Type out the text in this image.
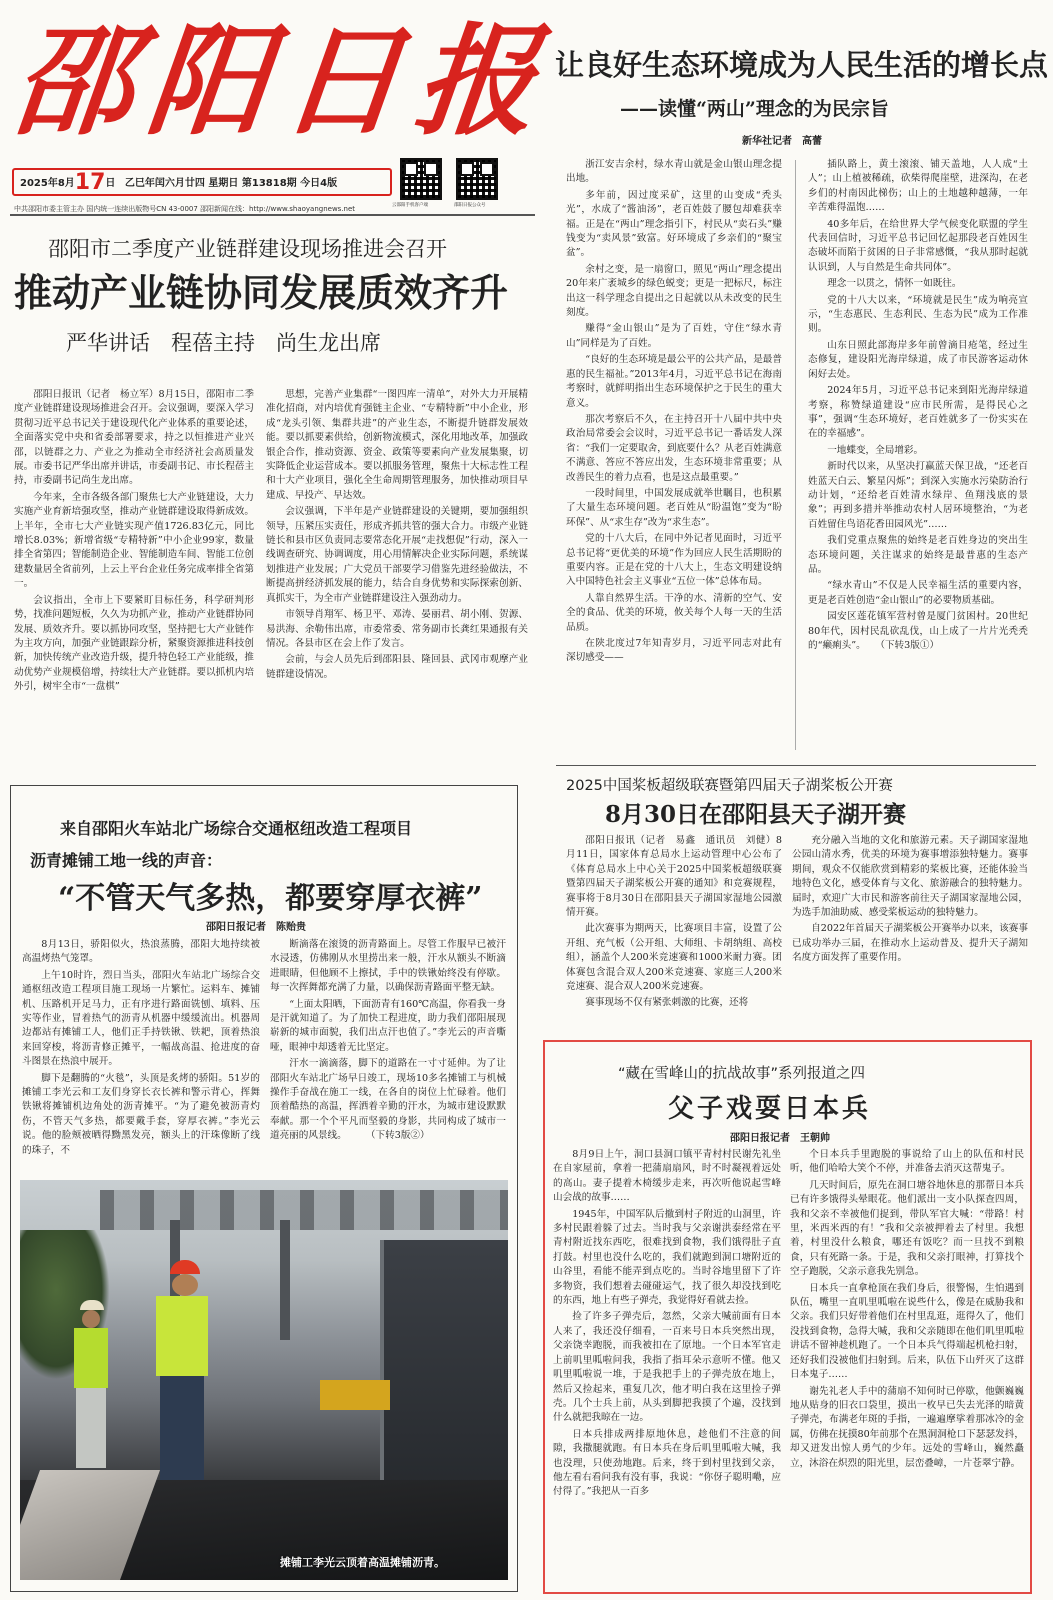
邵阳日报
2025年8月17日 乙巳年闰六月廿四 星期日 第13818期 今日4版
云邵阳手机客户端	邵阳日报公众号
中共邵阳市委主管主办 国内统一连续出版物号CN 43-0007 邵阳新闻在线：http://www.shaoyangnews.net
让良好生态环境成为人民生活的增长点
——读懂“两山”理念的为民宗旨
新华社记者　高蕾

浙江安吉余村，绿水青山就是金山银山理念提出地。

多年前，因过度采矿，这里的山变成“秃头光”，水成了“酱油汤”，老百姓鼓了腰包却难获幸福。正是在“两山”理念指引下，村民从“卖石头”赚钱变为“卖风景”致富。好环境成了乡亲们的“聚宝盆”。

余村之变，是一扇窗口，照见“两山”理念提出20年来广袤城乡的绿色蜕变；更是一把标尺，标注出这一科学理念自提出之日起就以从未改变的民生刻度。

赚得“金山银山”是为了百姓，守住“绿水青山”同样是为了百姓。

“良好的生态环境是最公平的公共产品，是最普惠的民生福祉。”2013年4月，习近平总书记在海南考察时，就鲜明指出生态环境保护之于民生的重大意义。

那次考察后不久，在主持召开十八届中共中央政治局常委会会议时，习近平总书记一番话发人深省：“我们一定要取舍，到底要什么？从老百姓满意不满意、答应不答应出发，生态环境非常重要；从改善民生的着力点看，也是这点最重要。”

一段时间里，中国发展成就举世瞩目，也积累了大量生态环境问题。老百姓从“盼温饱”变为“盼环保”、从“求生存”改为“求生态”。

党的十八大后，在同中外记者见面时，习近平总书记将“更优美的环境”作为回应人民生活期盼的重要内容。正是在党的十八大上，生态文明建设纳入中国特色社会主义事业“五位一体”总体布局。

人靠自然界生活。干净的水、清新的空气、安全的食品、优美的环境，攸关每个人每一天的生活品质。

在陕北度过7年知青岁月，习近平同志对此有深切感受——

插队路上，黄土滚滚、铺天盖地，人人成“土人”；山上植被稀疏，砍柴得爬崖壁，进深沟，在老乡们的村南因此梯伤；山上的土地越种越薄，一年辛苦难得温饱……

40多年后，在给世界大学气候变化联盟的学生代表回信时，习近平总书记回忆起那段老百姓因生态破坏而陷于贫困的日子非常感慨，“我从那时起就认识到，人与自然是生命共同体”。

理念一以贯之，情怀一如既往。

党的十八大以来，“环境就是民生”成为响亮宣示，“生态惠民、生态利民、生态为民”成为工作准则。

山东日照此部海岸多年前曾滴目疮笔，经过生态修复，建设阳光海岸绿道，成了市民游客运动休闲好去处。

2024年5月，习近平总书记来到阳光海岸绿道考察，称赞绿道建设“应市民所需，是得民心之事”，强调“生态环境好，老百姓就多了一份实实在在的幸福感”。

一地蝶变，全局增彩。

新时代以来，从坚决打赢蓝天保卫战，“还老百姓蓝天白云、繁星闪烁”；到深入实施水污染防治行动计划，“还给老百姓清水绿岸、鱼翔浅底的景象”；再到多措并举推动农村人居环境整治，“为老百姓留住鸟语花香田园风光”……

我们党重点聚焦的始终是老百姓身边的突出生态环境问题，关注谋求的始终是最普惠的生态产品。

“绿水青山”不仅是人民幸福生活的重要内容，更是老百姓创造“金山银山”的必要物质基础。

园安区莲花镇军营村曾是厦门贫困村。20世纪80年代，因村民乱砍乱伐，山上成了一片片光秃秃的“癞痢头”。　　（下转3版①）

邵阳市二季度产业链群建设现场推进会召开
推动产业链协同发展质效齐升
严华讲话　程蓓主持　尚生龙出席

邵阳日报讯（记者　杨立军）8月15日，邵阳市二季度产业链群建设现场推进会召开。会议强调，要深入学习贯彻习近平总书记关于建设现代化产业体系的重要论述，全面落实党中央和省委部署要求，持之以恒推进产业兴邵，以链群之力、产业之为推动全市经济社会高质量发展。市委书记严华出席并讲话，市委副书记、市长程蓓主持，市委副书记尚生龙出席。

今年来，全市各级各部门聚焦七大产业链建设，大力实施产业育新培强攻坚，推动产业链群建设取得新成效。上半年，全市七大产业链实现产值1726.83亿元，同比增长8.03%；新增省级“专精特新”中小企业99家，数量排全省第四；智能制造企业、智能制造车间、智能工位创建数量居全省前列，上云上平台企业任务完成率排全省第一。

会议指出，全市上下要紧盯目标任务，科学研判形势，找准问题短板，久久为功抓产业，推动产业链群协同发展、质效齐升。要以抓协同攻坚，坚持把七大产业链作为主攻方向，加强产业链跟踪分析，紧聚资源推进科技创新，加快传统产业改造升级，提升特色轻工产业能级，推动优势产业规模倍增，持续壮大产业链群。要以抓机内培外引，树牢全市“一盘棋”

思想，完善产业集群“一图四库一清单”，对外大力开展精准化招商，对内培优育强链主企业、“专精特新”中小企业，形成“龙头引领、集群共进”的产业生态，不断提升链群发展效能。要以抓要素供给，创新物流模式，深化用地改革，加强政银企合作，推动资源、资金、政策等要素向产业发展集聚，切实降低企业运营成本。要以抓服务管理，聚焦十大标志性工程和十大产业项目，强化全生命周期管理服务，加快推动项目早建成、早投产、早达效。

会议强调，下半年是产业链群建设的关键期，要加强组织领导，压紧压实责任，形成齐抓共管的强大合力。市级产业链链长和县市区负责同志要常态化开展“走找想促”行动，深入一线调查研究、协调调度，用心用情解决企业实际问题，系统谋划推进产业发展；广大党员干部要学习借鉴先进经验做法，不断提高拼经济抓发展的能力，结合自身优势和实际探索创新、真抓实干，为全市产业链群建设注入强劲动力。

市领导肖翔军、杨卫平、邓涛、晏丽君、胡小刚、贺源、易洪海、余勒伟出席，市委常委、常务副市长龚红果通报有关情况。各县市区在会上作了发言。

会前，与会人员先后到邵阳县、隆回县、武冈市观摩产业链群建设情况。

来自邵阳火车站北广场综合交通枢纽改造工程项目
沥青摊铺工地一线的声音：
“不管天气多热，都要穿厚衣裤”
邵阳日报记者　陈贻贵

8月13日，骄阳似火，热浪蒸腾，邵阳大地持续被高温烤热气笼罩。

上午10时许，烈日当头，邵阳火车站北广场综合交通枢纽改造工程项目施工现场一片繁忙。运料车、摊铺机、压路机开足马力，正有序进行路面铣刨、填料、压实等作业，冒着热气的沥青从机器中缓缓流出。机器周边都站有摊铺工人，他们正手持铁锹、铁耙，顶着热浪来回穿梭，将沥青修正摊平，一幅战高温、抢进度的奋斗图景在热浪中展开。

脚下是翻腾的“火毯”，头顶是炙烤的骄阳。51岁的摊铺工李光云和工友们身穿长衣长裤和警示背心，挥舞铁锹将摊铺机边角处的沥青摊平。“为了避免被沥青灼伤，不管天气多热，都要戴手套，穿厚衣裤。”李光云说。他的脸颊被晒得黝黑发亮，额头上的汗珠像断了线的珠子，不

断滴落在滚烫的沥青路面上。尽管工作服早已被汗水浸透，仿佛刚从水里捞出来一般，汗水从额头不断滴进眼睛，但他顾不上擦拭，手中的铁锹始终没有停歇。每一次挥舞都充满了力量，以确保沥青路面平整无缺。

“上面太阳晒，下面沥青有160℃高温，你看我一身是汗就知道了。为了加快工程进度，助力我们邵阳展现崭新的城市面貌，我们出点汗也值了。”李光云的声音嘶哑，眼神中却透着无比坚定。

汗水一滴滴落，脚下的道路在一寸寸延伸。为了让邵阳火车站北广场早日竣工，现场10多名摊铺工与机械操作手奋战在施工一线，在各自的岗位上忙碌着。他们顶着酷热的高温，挥洒着辛勤的汗水，为城市建设默默奉献。那一个个平凡而坚毅的身影，共同构成了城市一道亮丽的风景线。　　　（下转3版②）

摊铺工李光云顶着高温摊铺沥青。
2025中国桨板超级联赛暨第四届天子湖桨板公开赛
8月30日在邵阳县天子湖开赛

邵阳日报讯（记者　易鑫　通讯员　刘健）8月11日，国家体育总局水上运动管理中心公布了《体育总局水上中心关于2025中国桨板超级联赛暨第四届天子湖桨板公开赛的通知》和竞赛规程，赛事将于8月30日在邵阳县天子湖国家湿地公园激情开赛。

此次赛事为期两天，比赛项目丰富，设置了公开组、充气板（公开组、大师组、卡胡纳组、高校组），涵盖个人200米竞速赛和1000米耐力赛。团体赛包含混合双人200米竞速赛、家庭三人200米竞速赛、混合双人200米竞速赛。

赛事现场不仅有紧张刺激的比赛，还将

充分融入当地的文化和旅游元素。天子湖国家湿地公园山清水秀，优美的环境为赛事增添独特魅力。赛事期间，观众不仅能欣赏到精彩的桨板比赛，还能体验当地特色文化，感受体育与文化、旅游融合的独特魅力。届时，欢迎广大市民和游客前往天子湖国家湿地公园，为选手加油助威、感受桨板运动的独特魅力。

自2022年首届天子湖桨板公开赛举办以来，该赛事已成功举办三届，在推动水上运动普及、提升天子湖知名度方面发挥了重要作用。

“藏在雪峰山的抗战故事”系列报道之四
父子戏耍日本兵
邵阳日报记者　王朝帅

8月9日上午，洞口县洞口镇平青村村民谢先礼坐在自家屋前，拿着一把蒲扇扇风，时不时凝视着远处的高山。妻子提着木椅缓步走来，再次听他说起雪峰山会战的故事……

1945年，中国军队后撤到村子附近的山洞里，许多村民跟着躲了过去。当时我与父亲谢洪泰经常在平青村附近找东西吃，很难找到食物，我们饿得肚子直打鼓。村里也没什么吃的，我们就跑到洞口塘附近的山谷里，看能不能弄到点吃的。当时谷地里留下了许多物资，我们想着去碰碰运气，找了很久却没找到吃的东西，地上有些子弹壳，我觉得好看就去捡。

捡了许多子弹壳后，忽然，父亲大喊前面有日本人来了，我还没仔细看，一百来号日本兵突然出现，父亲饶幸跑脱，而我被扣在了原地。一个日本军官走上前叽里呱啦问我，我指了指耳朵示意听不懂。他又叽里呱啦说一堆，于是我把手上的子弹壳放在地上，然后又捡起来，重复几次，他才明白我在这里捡子弹壳。几个士兵上前，从头到脚把我摸了个遍，没找到什么就把我晾在一边。

日本兵排成两排原地休息，趁他们不注意的间隙，我撒腿就跑。有日本兵在身后叽里呱啦大喊，我也没理，只使劲地跑。后来，终于到村里找到父亲，他左看右看问我有没有事，我说：“你伢子聪明嘞，应付得了。”我把从一百多

个日本兵手里跑脱的事说给了山上的队伍和村民听，他们哈哈大笑个不停，并准备去消灭这帮鬼子。

几天时间后，原先在洞口塘谷地休息的那帮日本兵已有许多饿得头晕眼花。他们派出一支小队探查四周，我和父亲不幸被他们捉到，带队军官大喊：“带路！村里，米西米西的有！”我和父亲被押着去了村里。我想着，村里没什么粮食，哪还有饭吃？而一旦找不到粮食，只有死路一条。于是，我和父亲打眼神，打算找个空子跑脱，父亲示意我先别急。

日本兵一直拿枪顶在我们身后，很警惕，生怕遇到队伍，嘴里一直叽里呱啦在说些什么，像是在威胁我和父亲。我们只好带着他们在村里乱逛，逛得久了，他们没找到食物，急得大喊，我和父亲随即在他们叽里呱啦讲话不留神趁机跑了。一个日本兵气得端起机枪扫射，还好我们没被他们扫射到。后来，队伍下山歼灭了这群日本鬼子……

谢先礼老人手中的蒲扇不知何时已停歇，他颤巍巍地从贴身的旧衣口袋里，摸出一枚早已失去光泽的暗黄子弹壳，布满老年斑的手指，一遍遍摩挲着那冰冷的金属，仿佛在抚摸80年前那个在黑洞洞枪口下瑟瑟发抖，却又迸发出惊人勇气的少年。远处的雪峰山，巍然矗立，沐浴在炽烈的阳光里，层峦叠嶂，一片苍翠宁静。
